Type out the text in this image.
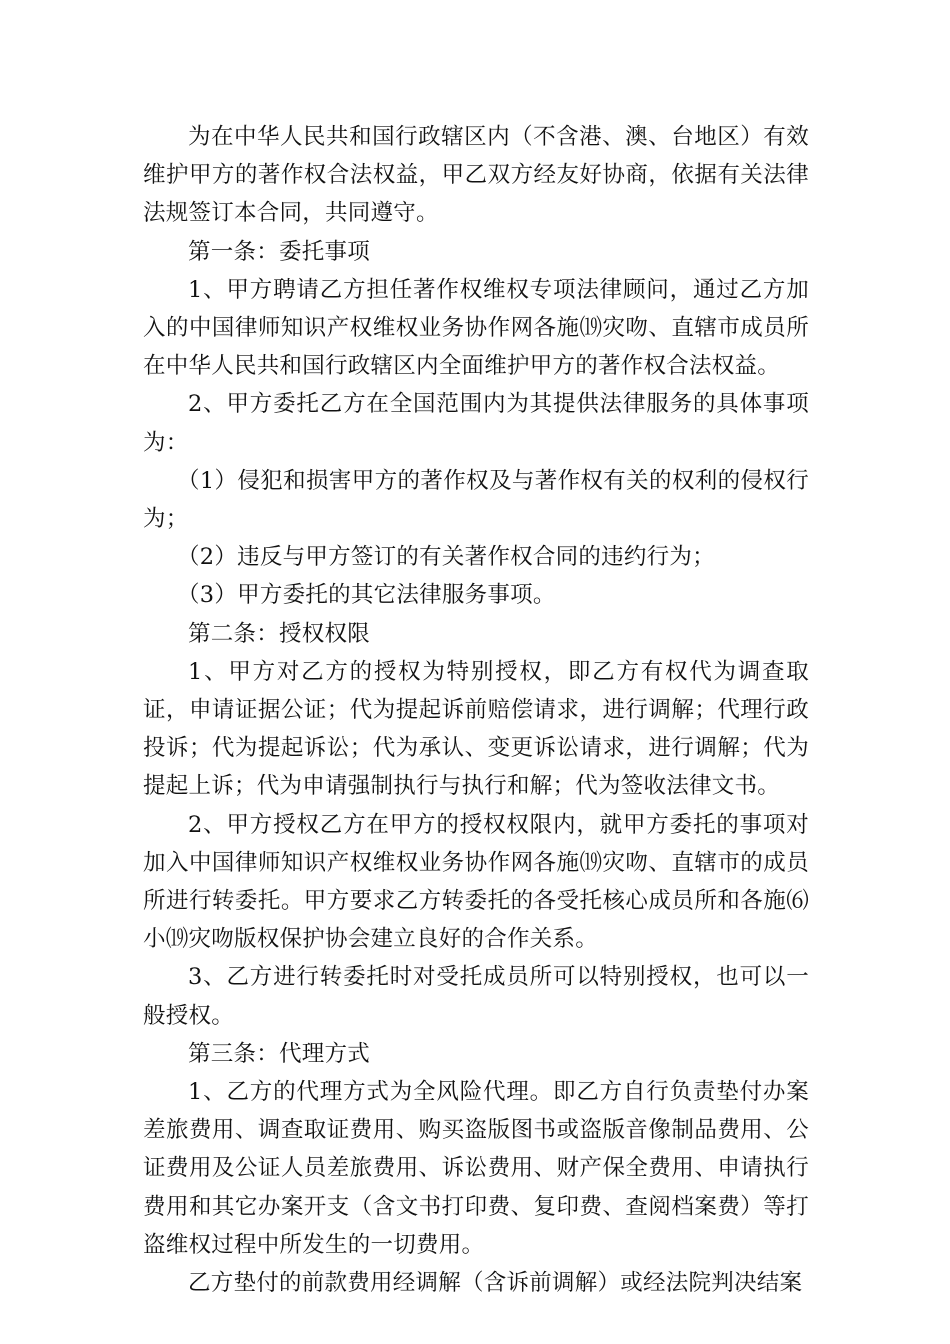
为在中华人民共和国行政辖区内（不含港、澳、台地区）有效维护甲方的著作权合法权益，甲乙双方经友好协商，依据有关法律法规签订本合同，共同遵守。

第一条：委托事项

1、甲方聘请乙方担任著作权维权专项法律顾问，通过乙方加入的中国律师知识产权维权业务协作网各施⒆灾吻、直辖市成员所在中华人民共和国行政辖区内全面维护甲方的著作权合法权益。

2、甲方委托乙方在全国范围内为其提供法律服务的具体事项为：

（1）侵犯和损害甲方的著作权及与著作权有关的权利的侵权行为；

（2）违反与甲方签订的有关著作权合同的违约行为；

（3）甲方委托的其它法律服务事项。

第二条：授权权限

1、甲方对乙方的授权为特别授权，即乙方有权代为调查取证，申请证据公证；代为提起诉前赔偿请求，进行调解；代理行政投诉；代为提起诉讼；代为承认、变更诉讼请求，进行调解；代为提起上诉；代为申请强制执行与执行和解；代为签收法律文书。

2、甲方授权乙方在甲方的授权权限内，就甲方委托的事项对加入中国律师知识产权维权业务协作网各施⒆灾吻、直辖市的成员所进行转委托。甲方要求乙方转委托的各受托核心成员所和各施⑹小⒆灾吻版权保护协会建立良好的合作关系。

3、乙方进行转委托时对受托成员所可以特别授权，也可以一般授权。

第三条：代理方式

1、乙方的代理方式为全风险代理。即乙方自行负责垫付办案差旅费用、调查取证费用、购买盗版图书或盗版音像制品费用、公证费用及公证人员差旅费用、诉讼费用、财产保全费用、申请执行费用和其它办案开支（含文书打印费、复印费、查阅档案费）等打盗维权过程中所发生的一切费用。

乙方垫付的前款费用经调解（含诉前调解）或经法院判决结案
